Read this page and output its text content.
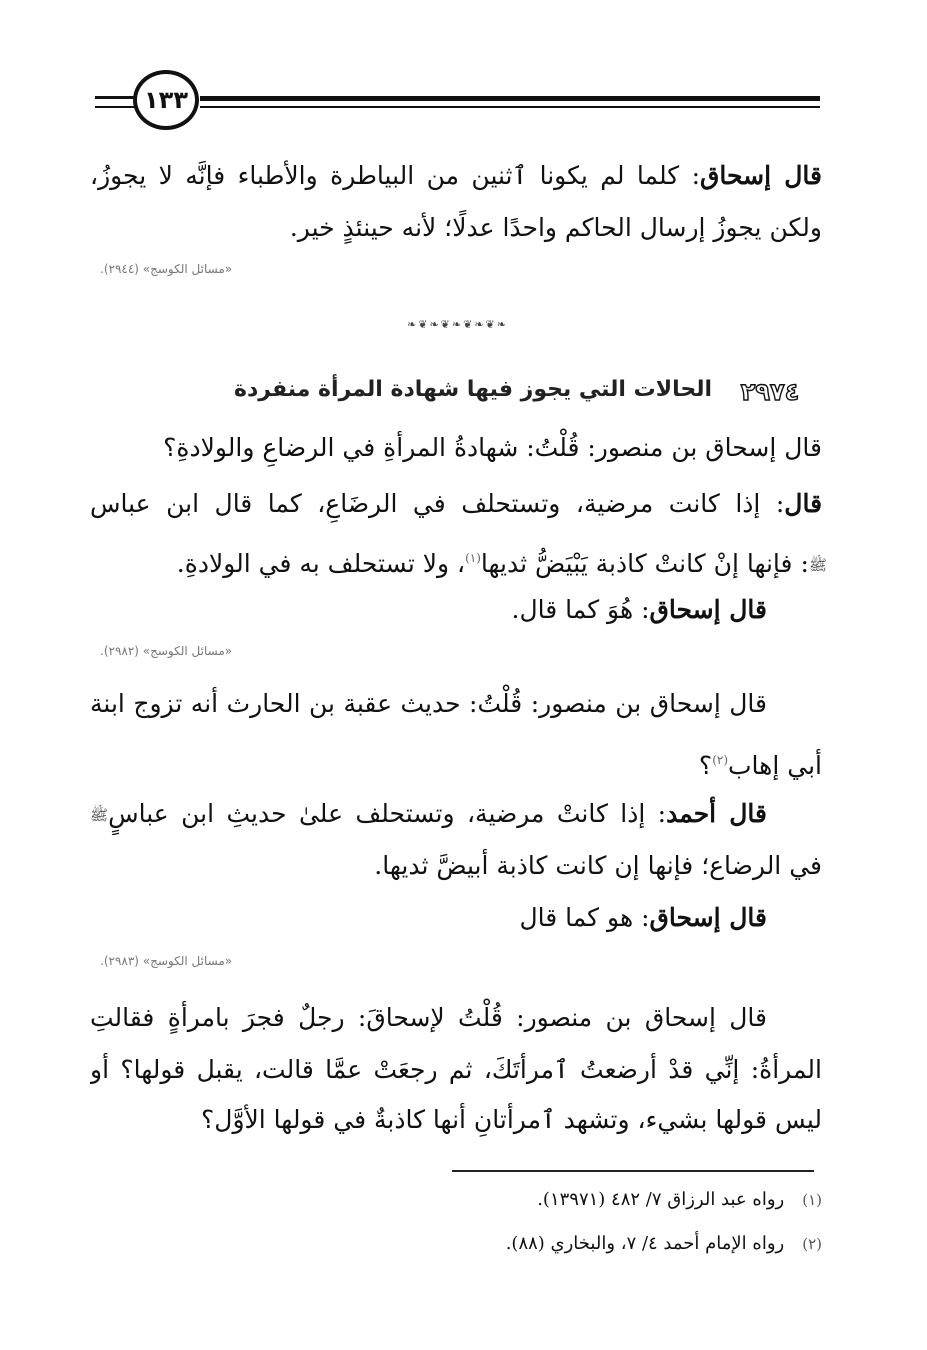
١٣٣
قال إسحاق: كلما لم يكونا ٱثنين من البياطرة والأطباء فإنَّه لا يجوزُ،
ولكن يجوزُ إرسال الحاكم واحدًا عدلًا؛ لأنه حينئذٍ خير.
«مسائل الكوسج» (٢٩٤٤).
❧❦❧❦❧❦❧❦❧
٢٩٧٤
الحالات التي يجوز فيها شهادة المرأة منفردة
قال إسحاق بن منصور: قُلْتُ: شهادةُ المرأةِ في الرضاعِ والولادةِ؟
قال: إذا كانت مرضية، وتستحلف في الرضَاعِ، كما قال ابن عباس
ﷺ: فإنها إنْ كانتْ كاذبة يَبْيَضُّ ثديها$^{(١)}$، ولا تستحلف به في الولادةِ.
قال إسحاق: هُوَ كما قال.
«مسائل الكوسج» (٢٩٨٢).
قال إسحاق بن منصور: قُلْتُ: حديث عقبة بن الحارث أنه تزوج ابنة
أبي إهاب$^{(٢)}$؟
قال أحمد: إذا كانتْ مرضية، وتستحلف علىٰ حديثِ ابن عباسٍﷺ
في الرضاع؛ فإنها إن كانت كاذبة أبيضَّ ثديها.
قال إسحاق: هو كما قال
«مسائل الكوسج» (٢٩٨٣).
قال إسحاق بن منصور: قُلْتُ لإسحاقَ: رجلٌ فجرَ بامرأةٍ فقالتِ
المرأةُ: إنِّي قدْ أرضعتُ ٱمرأتَكَ، ثم رجعَتْ عمَّا قالت، يقبل قولها؟ أو
ليس قولها بشيء، وتشهد ٱمرأتانِ أنها كاذبةٌ في قولها الأوَّل؟
(١)رواه عبد الرزاق ٧/ ٤٨٢ (١٣٩٧١).
(٢)رواه الإمام أحمد ٤/ ٧، والبخاري (٨٨).
